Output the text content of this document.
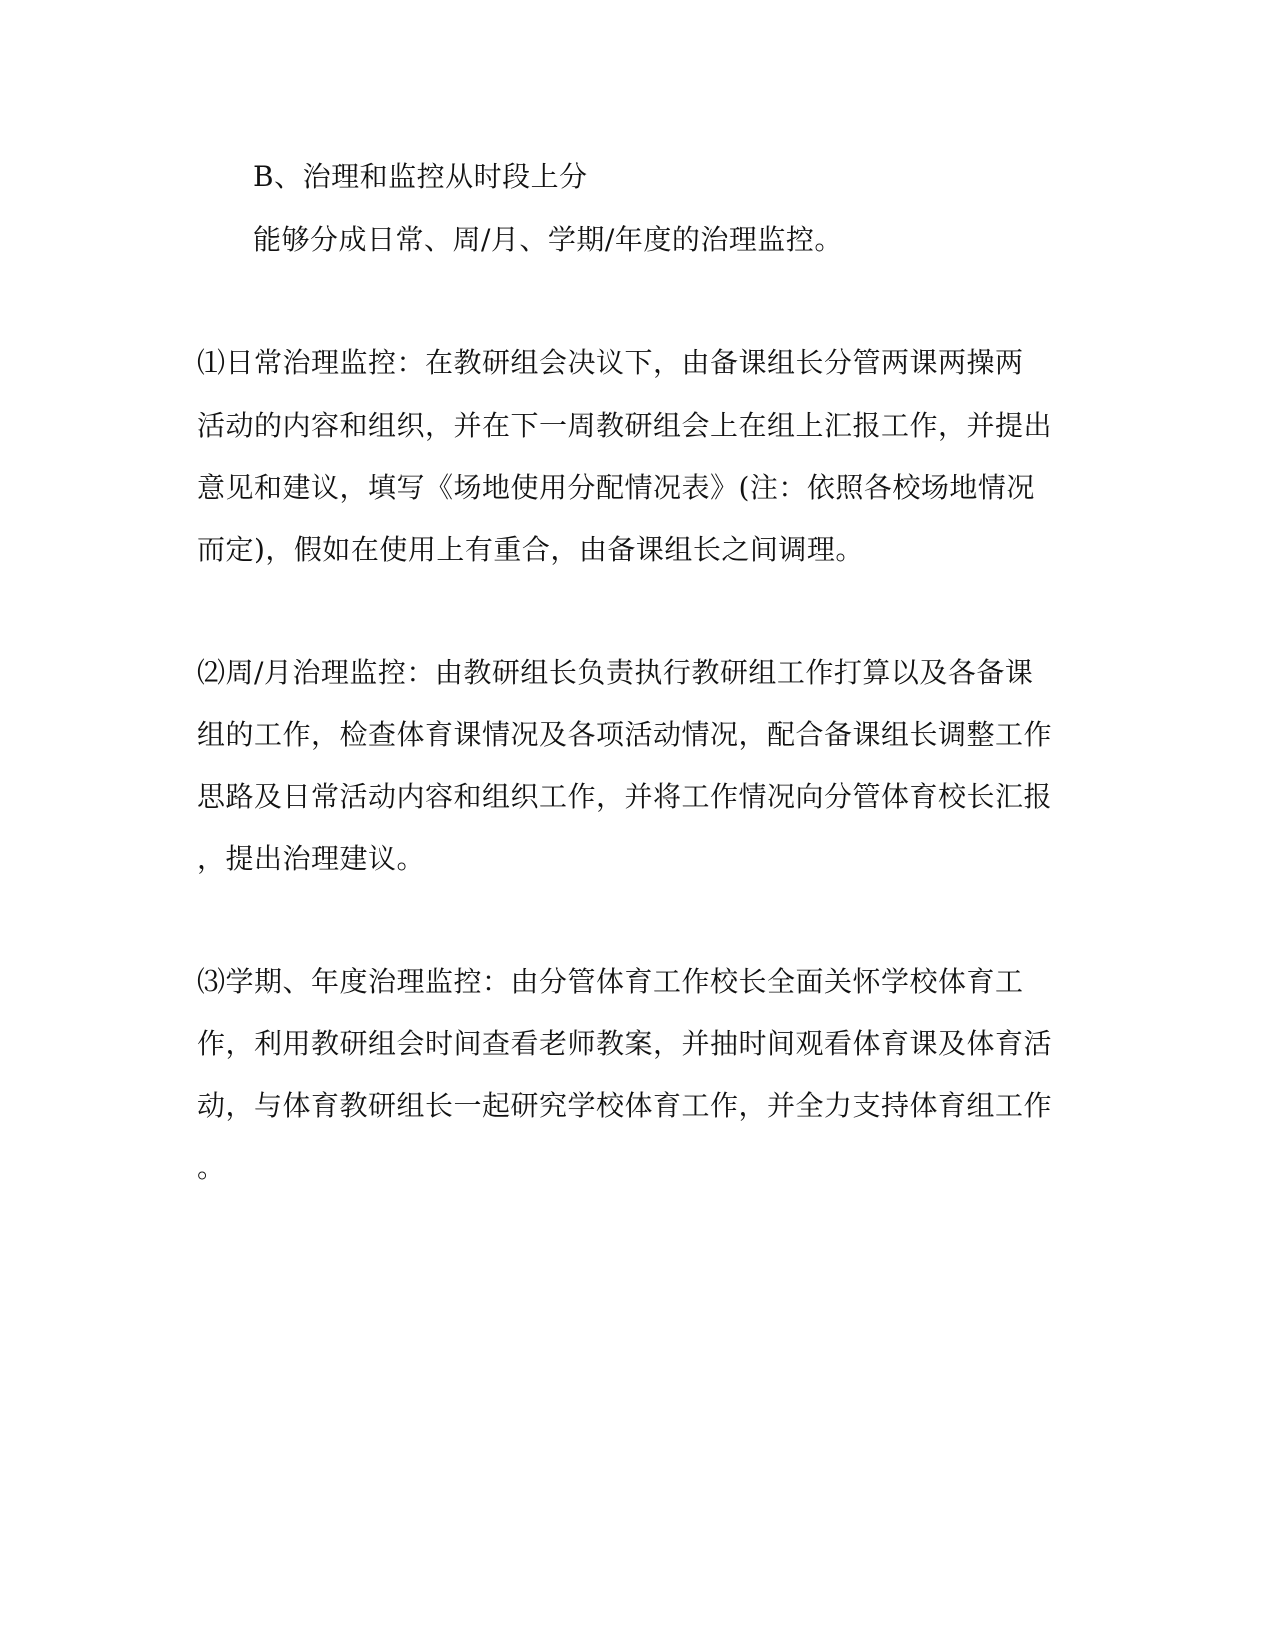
B、治理和监控从时段上分
能够分成日常、周/月、学期/年度的治理监控。
⑴日常治理监控：在教研组会决议下，由备课组长分管两课两操两
活动的内容和组织，并在下一周教研组会上在组上汇报工作，并提出
意见和建议，填写《场地使用分配情况表》(注：依照各校场地情况
而定)，假如在使用上有重合，由备课组长之间调理。
⑵周/月治理监控：由教研组长负责执行教研组工作打算以及各备课
组的工作，检查体育课情况及各项活动情况，配合备课组长调整工作
思路及日常活动内容和组织工作，并将工作情况向分管体育校长汇报
，提出治理建议。
⑶学期、年度治理监控：由分管体育工作校长全面关怀学校体育工
作，利用教研组会时间查看老师教案，并抽时间观看体育课及体育活
动，与体育教研组长一起研究学校体育工作，并全力支持体育组工作
。
